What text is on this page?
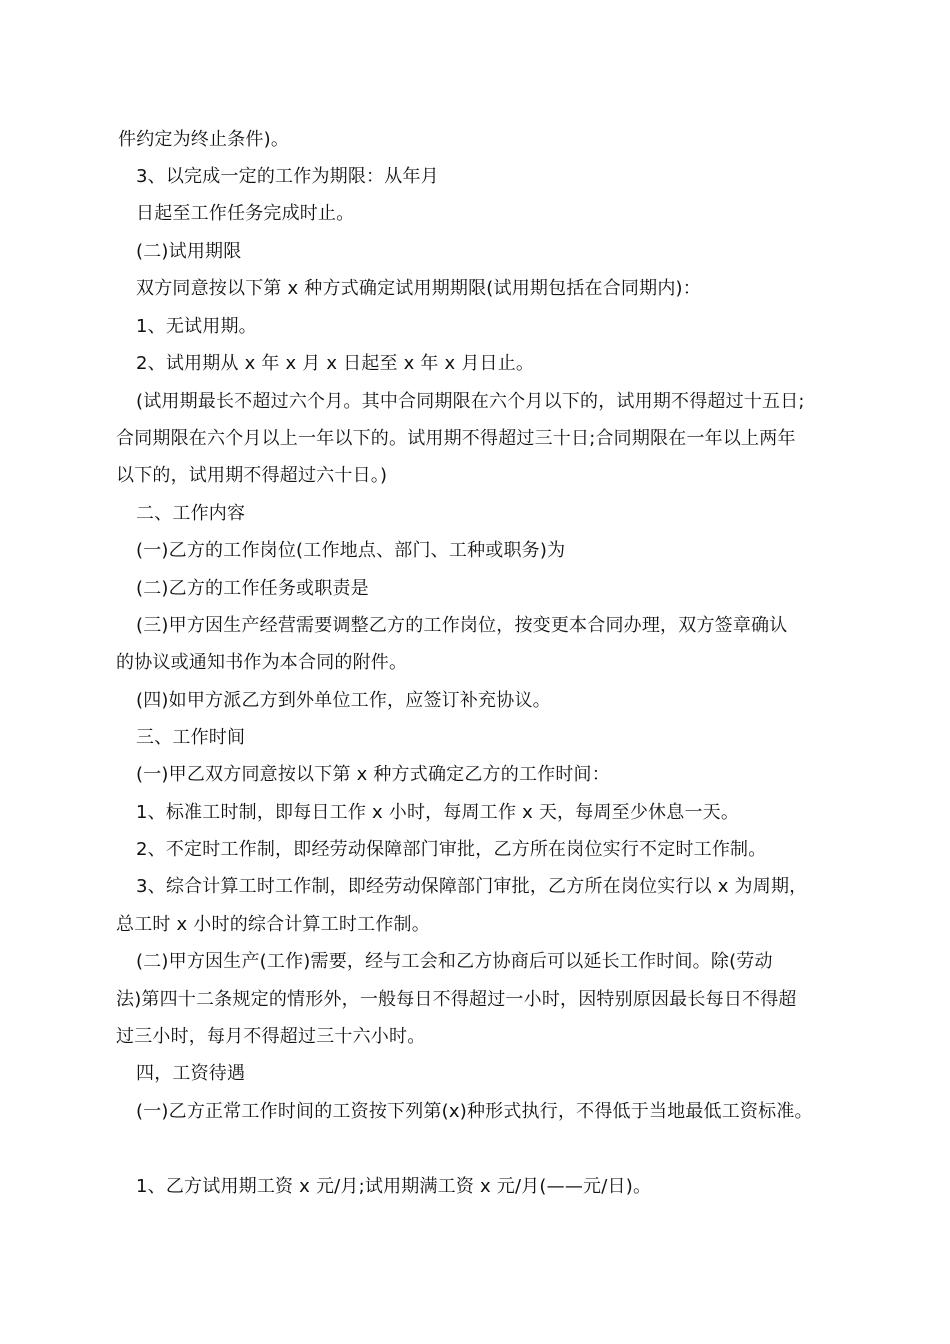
件约定为终止条件)。
3、以完成一定的工作为期限：从年月
日起至工作任务完成时止。
(二)试用期限
双方同意按以下第 x 种方式确定试用期期限(试用期包括在合同期内)：
1、无试用期。
2、试用期从 x 年 x 月 x 日起至 x 年 x 月日止。
(试用期最长不超过六个月。其中合同期限在六个月以下的，试用期不得超过十五日;
合同期限在六个月以上一年以下的。试用期不得超过三十日;合同期限在一年以上两年
以下的，试用期不得超过六十日。)
二、工作内容
(一)乙方的工作岗位(工作地点、部门、工种或职务)为
(二)乙方的工作任务或职责是
(三)甲方因生产经营需要调整乙方的工作岗位，按变更本合同办理，双方签章确认
的协议或通知书作为本合同的附件。
(四)如甲方派乙方到外单位工作，应签订补充协议。
三、工作时间
(一)甲乙双方同意按以下第 x 种方式确定乙方的工作时间：
1、标准工时制，即每日工作 x 小时，每周工作 x 天，每周至少休息一天。
2、不定时工作制，即经劳动保障部门审批，乙方所在岗位实行不定时工作制。
3、综合计算工时工作制，即经劳动保障部门审批，乙方所在岗位实行以 x 为周期，
总工时 x 小时的综合计算工时工作制。
(二)甲方因生产(工作)需要，经与工会和乙方协商后可以延长工作时间。除(劳动
法)第四十二条规定的情形外，一般每日不得超过一小时，因特别原因最长每日不得超
过三小时，每月不得超过三十六小时。
四，工资待遇
(一)乙方正常工作时间的工资按下列第(x)种形式执行，不得低于当地最低工资标准。
1、乙方试用期工资 x 元/月;试用期满工资 x 元/月(——元/日)。
